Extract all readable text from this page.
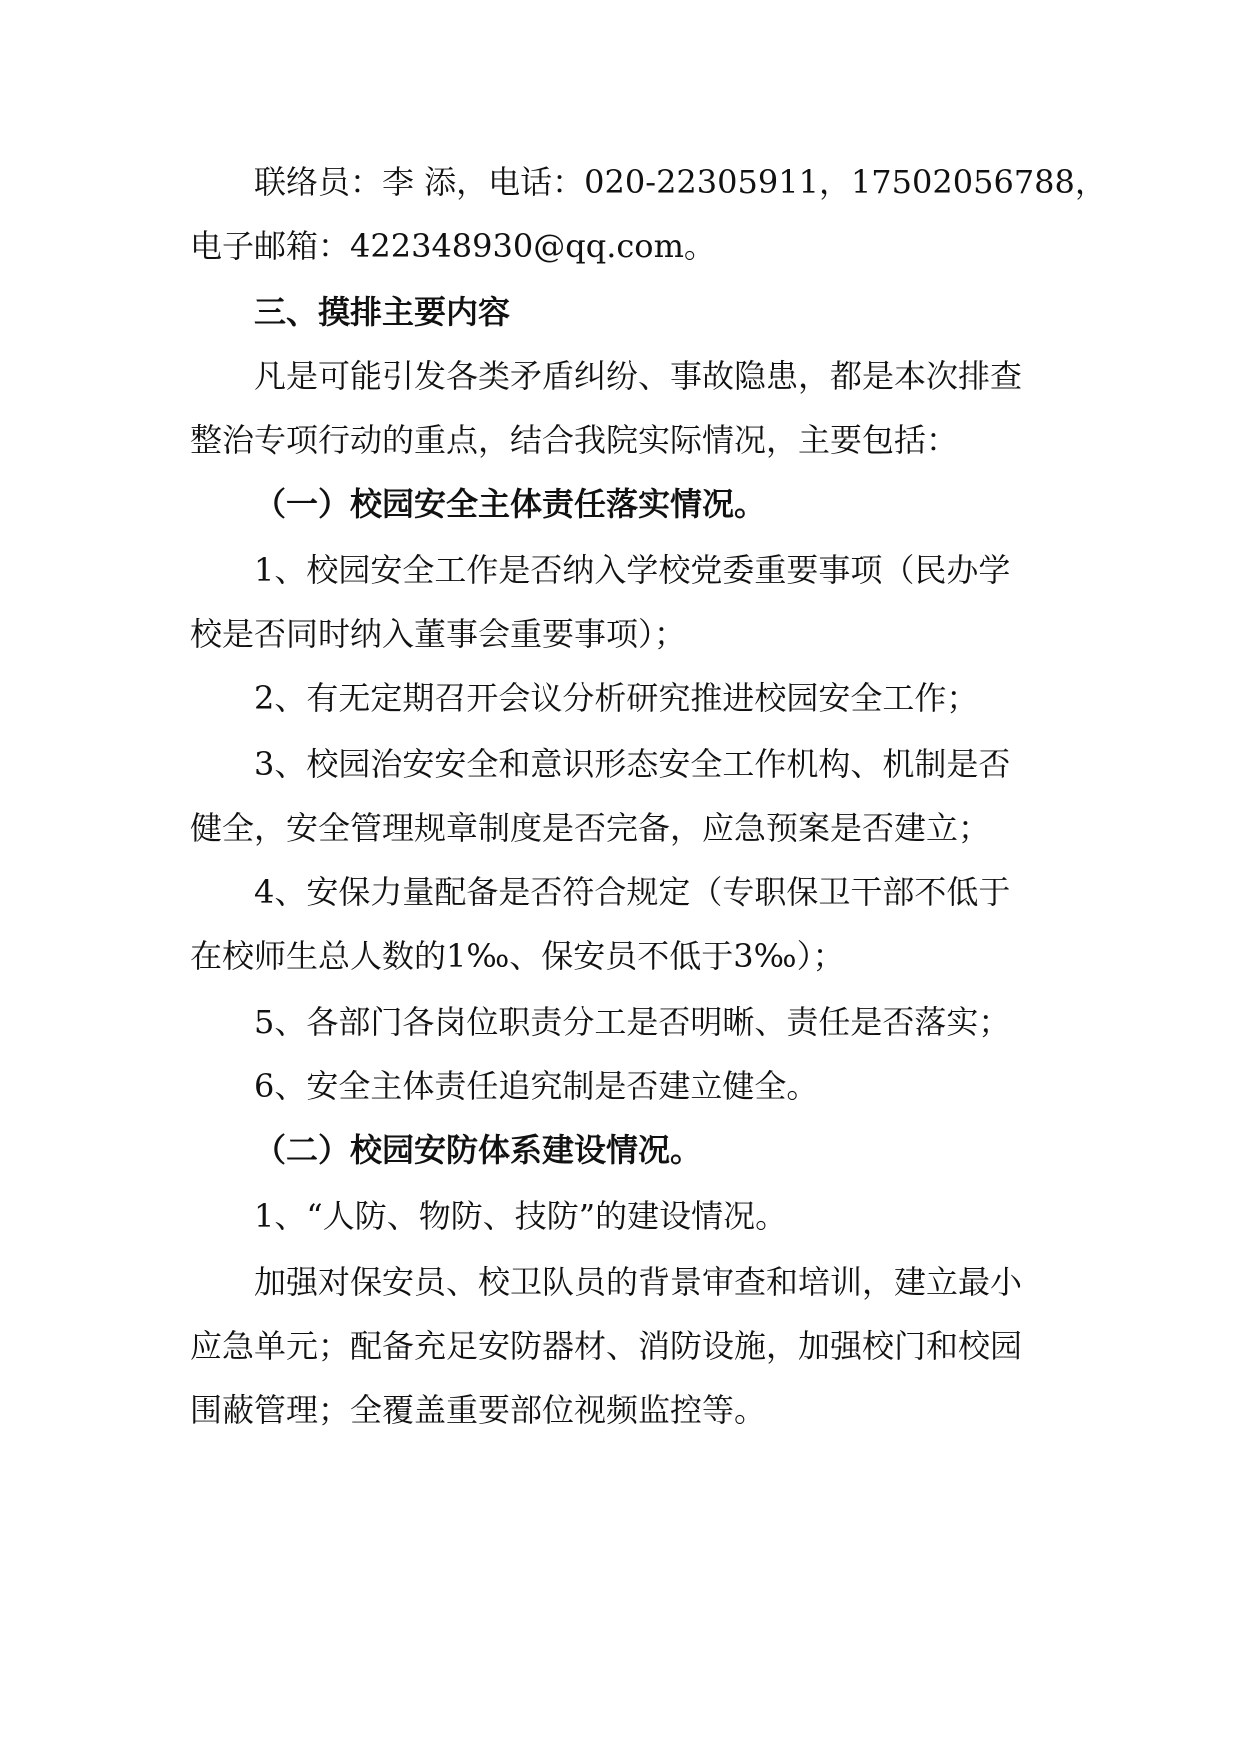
联络员：李 添，电话：020-22305911，17502056788，
电子邮箱：422348930@qq.com。
三、摸排主要内容
凡是可能引发各类矛盾纠纷、事故隐患，都是本次排查
整治专项行动的重点，结合我院实际情况，主要包括：
（一）校园安全主体责任落实情况。
1、校园安全工作是否纳入学校党委重要事项（民办学
校是否同时纳入董事会重要事项）；
2、有无定期召开会议分析研究推进校园安全工作；
3、校园治安安全和意识形态安全工作机构、机制是否
健全，安全管理规章制度是否完备，应急预案是否建立；
4、安保力量配备是否符合规定（专职保卫干部不低于
在校师生总人数的1‰、保安员不低于3‰）；
5、各部门各岗位职责分工是否明晰、责任是否落实；
6、安全主体责任追究制是否建立健全。
（二）校园安防体系建设情况。
1、“人防、物防、技防”的建设情况。
加强对保安员、校卫队员的背景审查和培训，建立最小
应急单元；配备充足安防器材、消防设施，加强校门和校园
围蔽管理；全覆盖重要部位视频监控等。
